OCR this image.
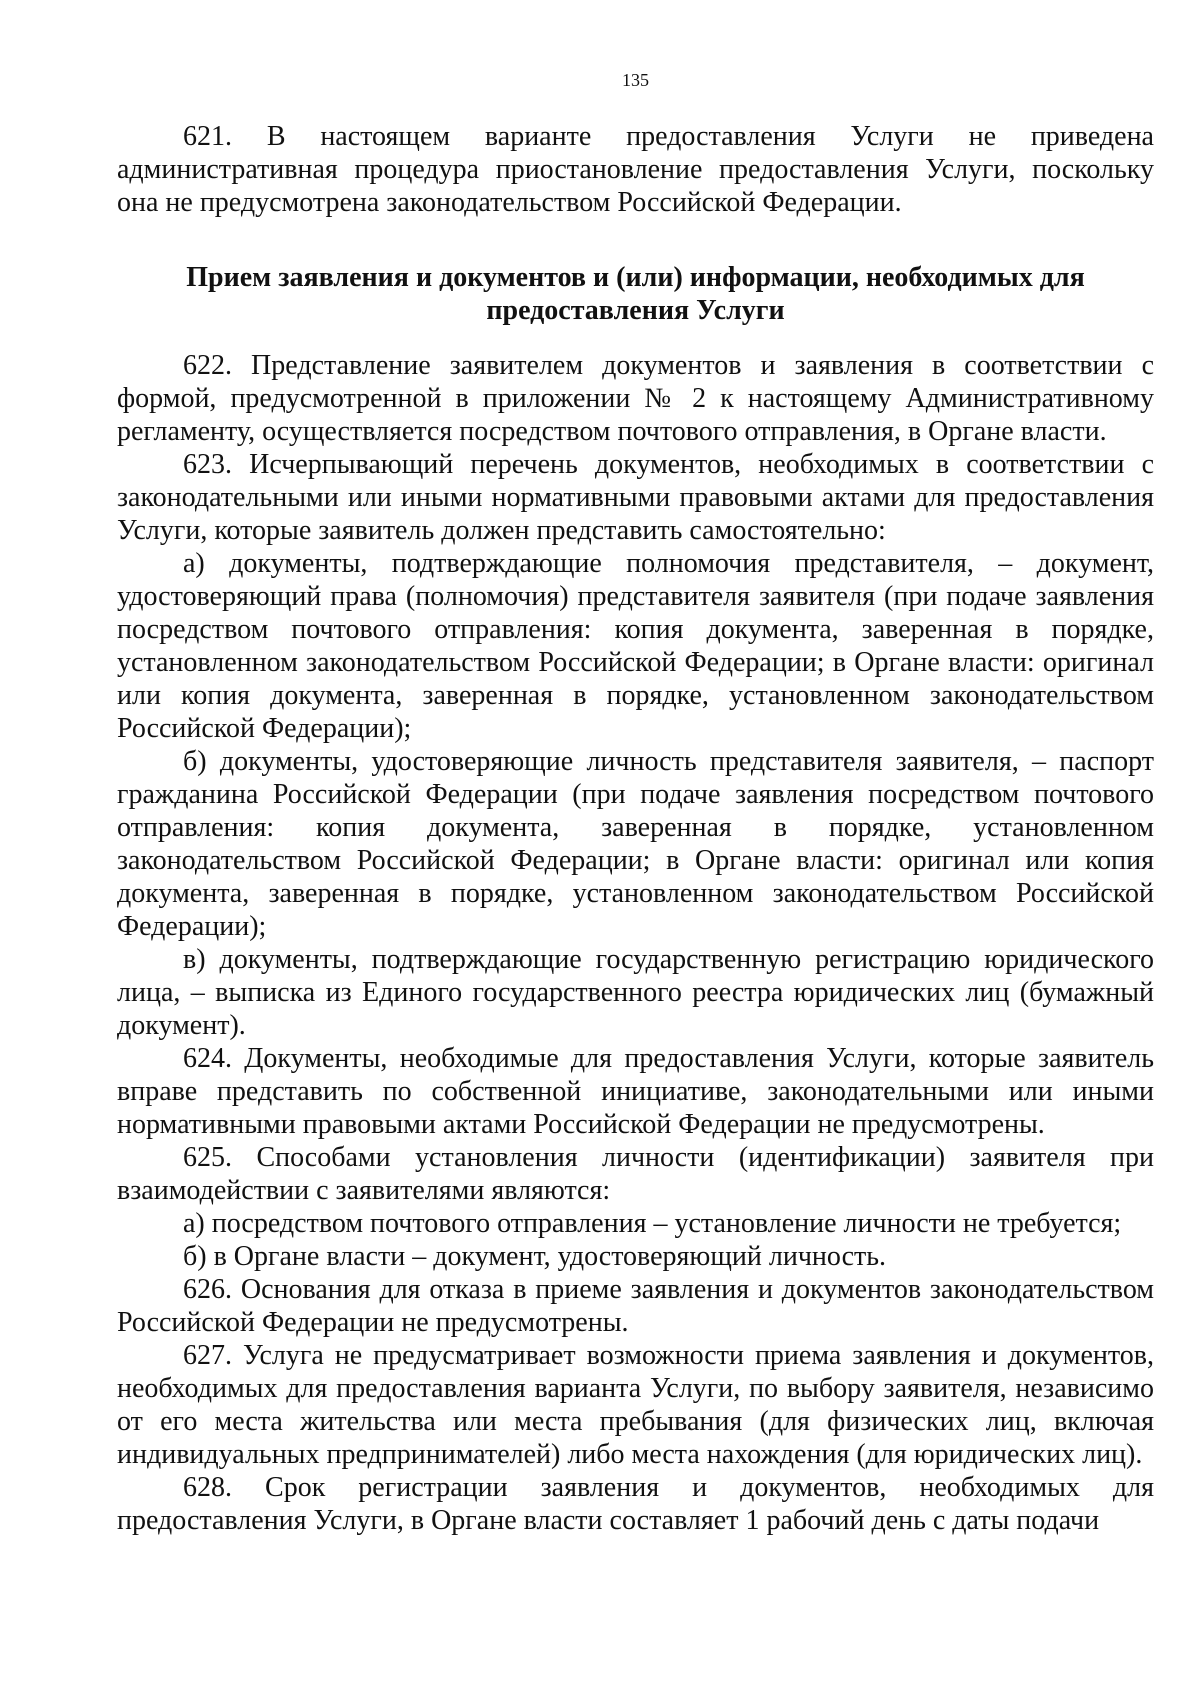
135

621. В настоящем варианте предоставления Услуги не приведена административная процедура приостановление предоставления Услуги, поскольку она не предусмотрена законодательством Российской Федерации.

Прием заявления и документов и (или) информации, необходимых для
предоставления Услуги

622. Представление заявителем документов и заявления в соответствии с формой, предусмотренной в приложении № 2 к настоящему Административному регламенту, осуществляется посредством почтового отправления, в Органе власти.

623. Исчерпывающий перечень документов, необходимых в соответствии с законодательными или иными нормативными правовыми актами для предоставления Услуги, которые заявитель должен представить самостоятельно:

а) документы, подтверждающие полномочия представителя, – документ, удостоверяющий права (полномочия) представителя заявителя (при подаче заявления посредством почтового отправления: копия документа, заверенная в порядке, установленном законодательством Российской Федерации; в Органе власти: оригинал или копия документа, заверенная в порядке, установленном законодательством Российской Федерации);

б) документы, удостоверяющие личность представителя заявителя, – паспорт гражданина Российской Федерации (при подаче заявления посредством почтового отправления: копия документа, заверенная в порядке, установленном законодательством Российской Федерации; в Органе власти: оригинал или копия документа, заверенная в порядке, установленном законодательством Российской Федерации);

в) документы, подтверждающие государственную регистрацию юридического лица, – выписка из Единого государственного реестра юридических лиц (бумажный документ).

624. Документы, необходимые для предоставления Услуги, которые заявитель вправе представить по собственной инициативе, законодательными или иными нормативными правовыми актами Российской Федерации не предусмотрены.

625. Способами установления личности (идентификации) заявителя при взаимодействии с заявителями являются:

а) посредством почтового отправления – установление личности не требуется;

б) в Органе власти – документ, удостоверяющий личность.

626. Основания для отказа в приеме заявления и документов законодательством Российской Федерации не предусмотрены.

627. Услуга не предусматривает возможности приема заявления и документов, необходимых для предоставления варианта Услуги, по выбору заявителя, независимо от его места жительства или места пребывания (для физических лиц, включая индивидуальных предпринимателей) либо места нахождения (для юридических лиц).

628. Срок регистрации заявления и документов, необходимых для предоставления Услуги, в Органе власти составляет 1 рабочий день с даты подачи
